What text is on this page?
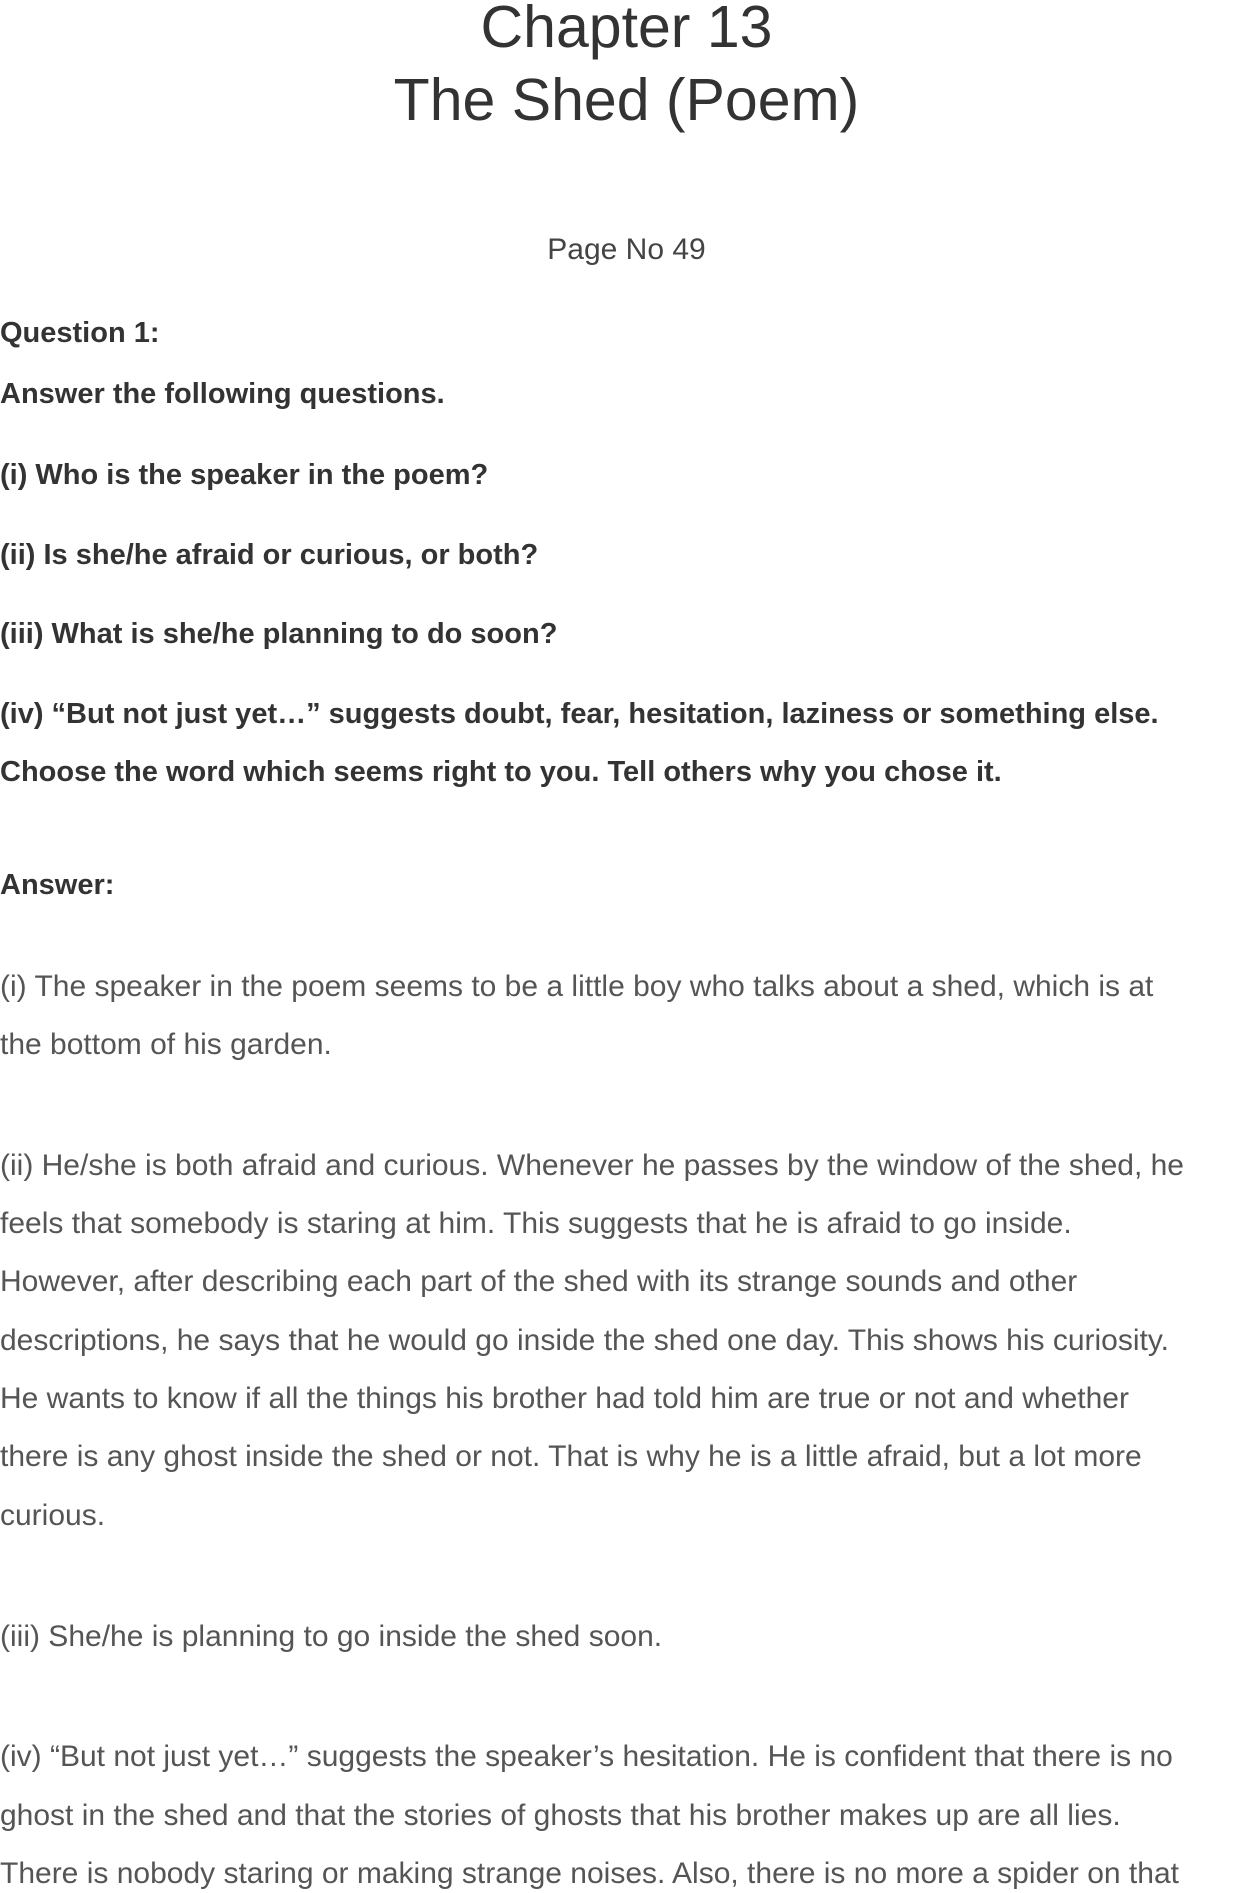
Chapter 13
The Shed (Poem)
Page No 49
Question 1:
Answer the following questions.
(i) Who is the speaker in the poem?
(ii) Is she/he afraid or curious, or both?
(iii) What is she/he planning to do soon?
(iv) “But not just yet…” suggests doubt, fear, hesitation, laziness or something else.
Choose the word which seems right to you. Tell others why you chose it.
Answer:
(i) The speaker in the poem seems to be a little boy who talks about a shed, which is at
the bottom of his garden.
(ii) He/she is both afraid and curious. Whenever he passes by the window of the shed, he
feels that somebody is staring at him. This suggests that he is afraid to go inside.
However, after describing each part of the shed with its strange sounds and other
descriptions, he says that he would go inside the shed one day. This shows his curiosity.
He wants to know if all the things his brother had told him are true or not and whether
there is any ghost inside the shed or not. That is why he is a little afraid, but a lot more
curious.
(iii) She/he is planning to go inside the shed soon.
(iv) “But not just yet…” suggests the speaker’s hesitation. He is confident that there is no
ghost in the shed and that the stories of ghosts that his brother makes up are all lies.
There is nobody staring or making strange noises. Also, there is no more a spider on that
